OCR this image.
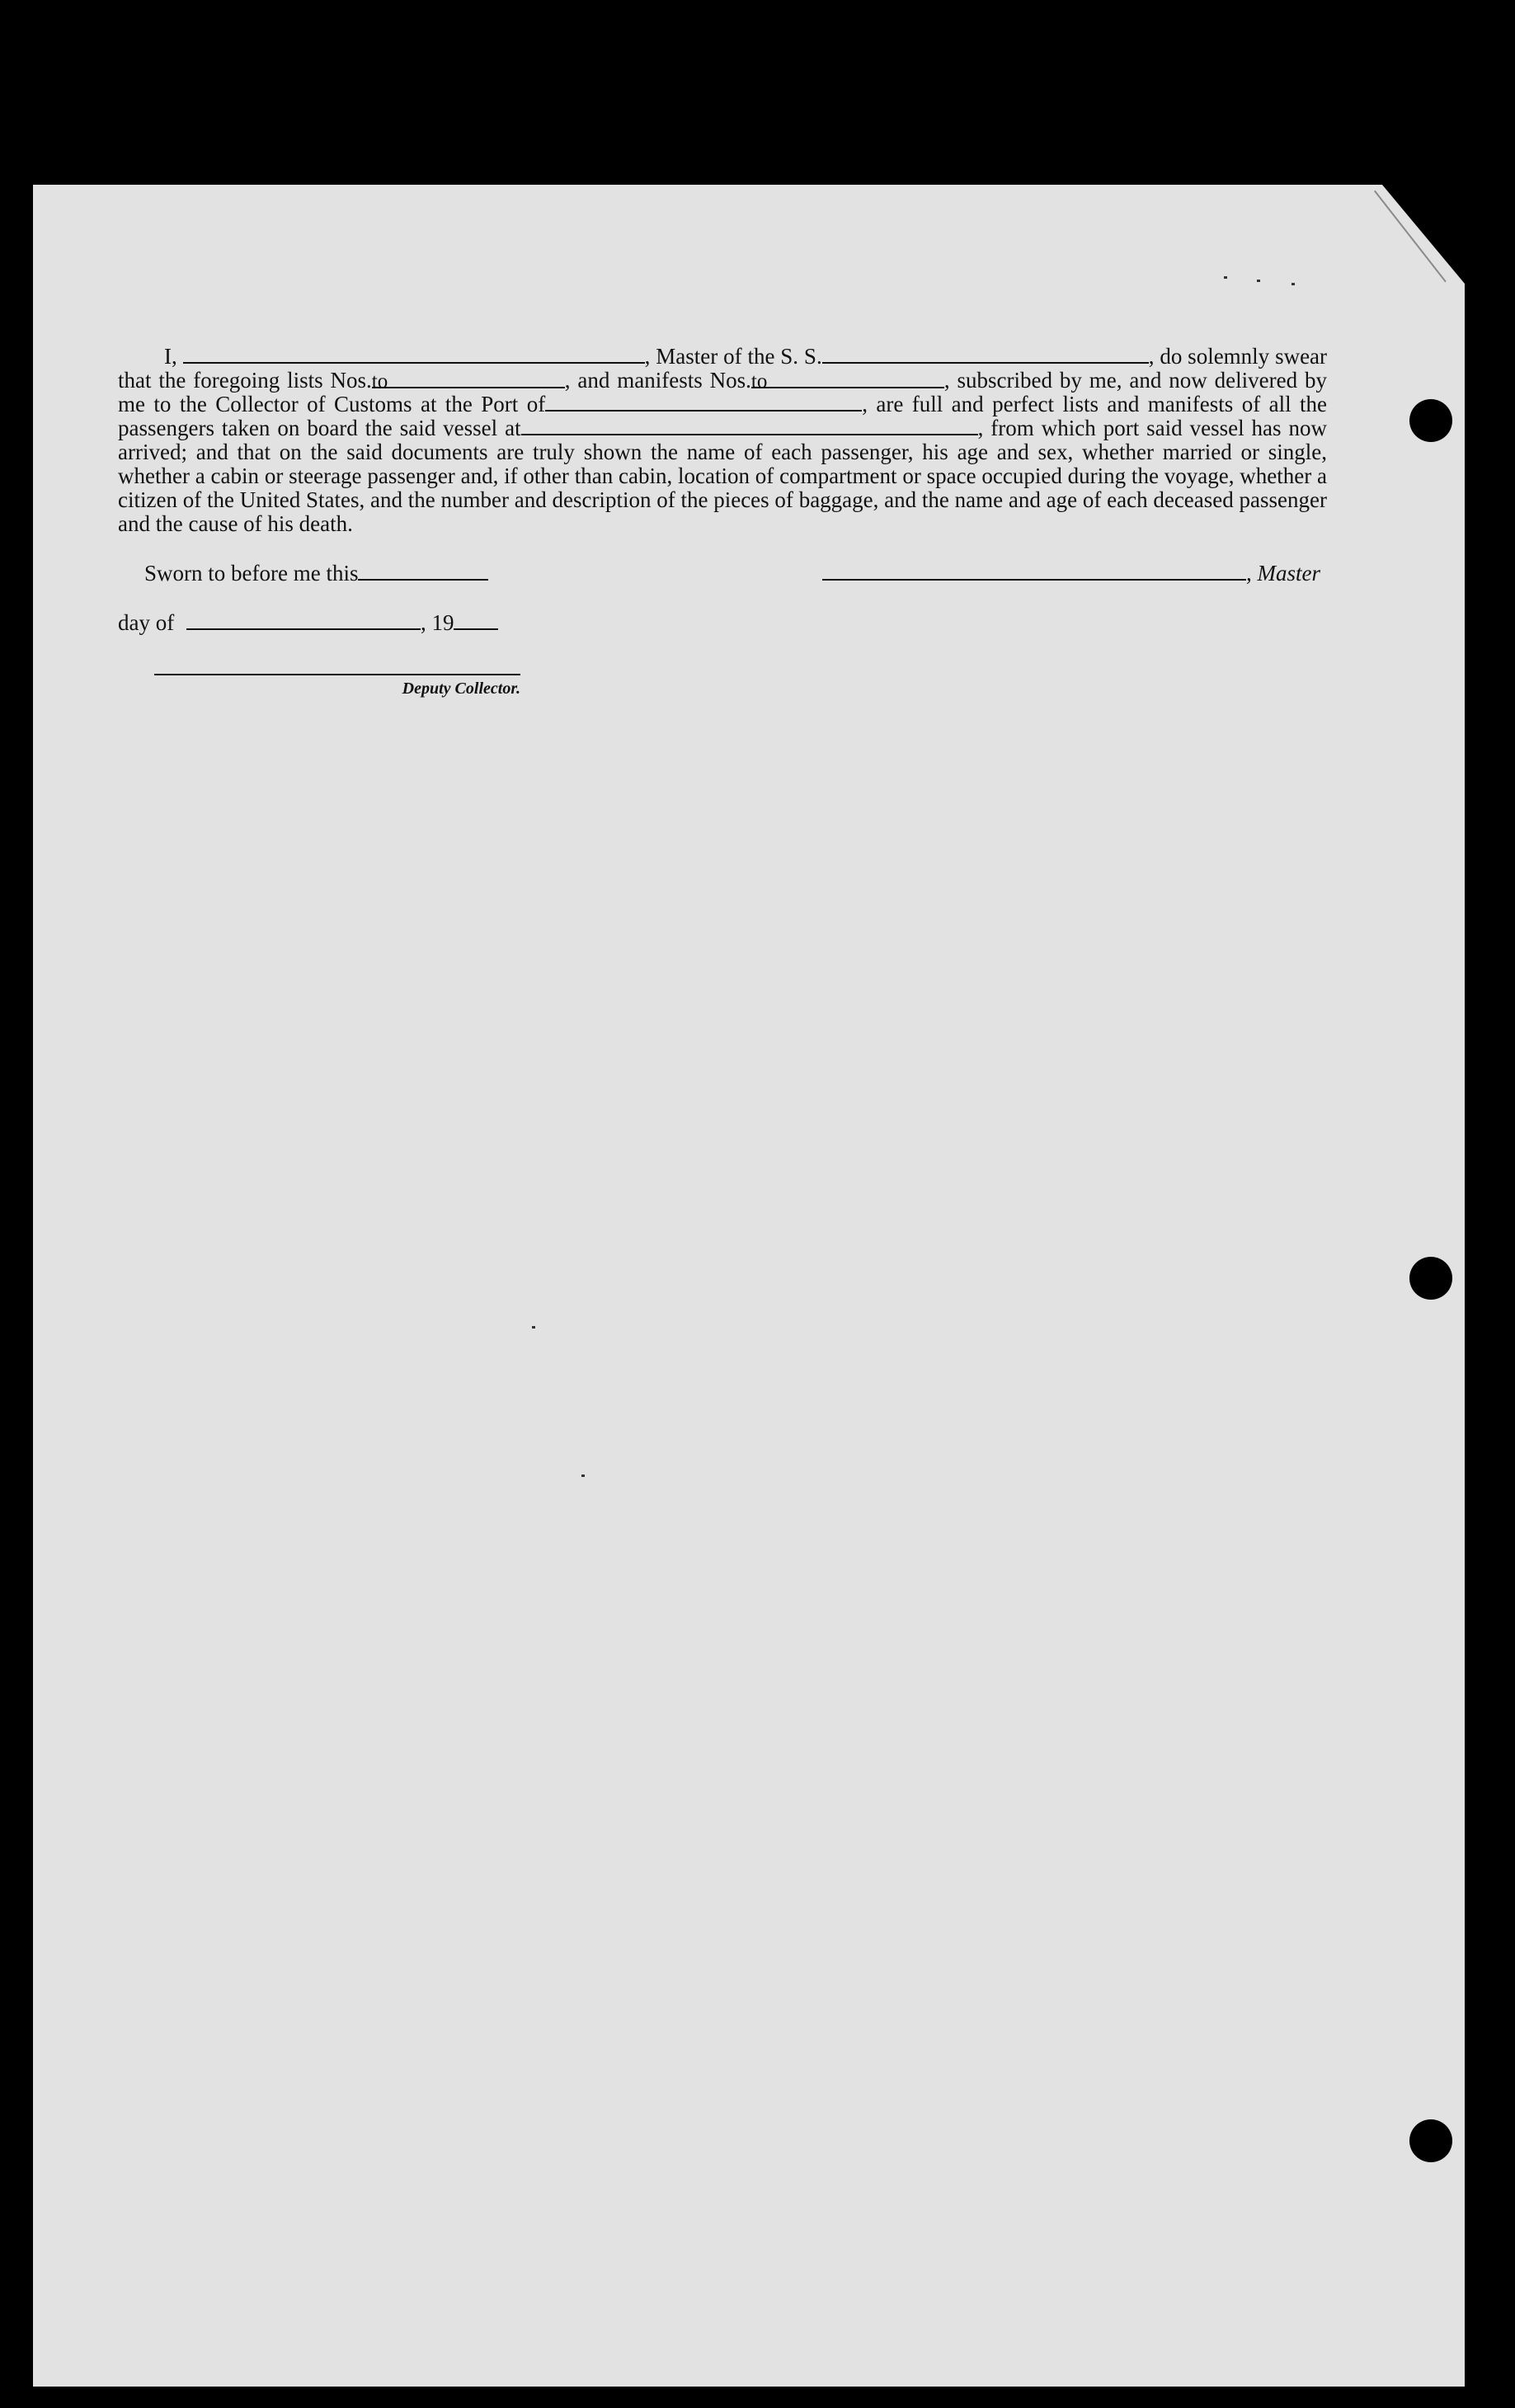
I,	, Master of the S. S.	, do solemnly swear that the foregoing lists Nos.to	, and manifests Nos.to	, subscribed by me, and now delivered by me to the Collector of Customs at the Port of	, are full and perfect lists and manifests of all the passengers taken on board the said vessel at	, from which port said vessel has now arrived; and that on the said documents are truly shown the name of each passenger, his age and sex, whether married or single, whether a cabin or steerage passenger and, if other than cabin, location of compartment or space occupied during the voyage, whether a citizen of the United States, and the number and description of the pieces of baggage, and the name and age of each deceased passenger and the cause of his death.
Sworn to before me this	, Master
day of	, 19
Deputy Collector.
